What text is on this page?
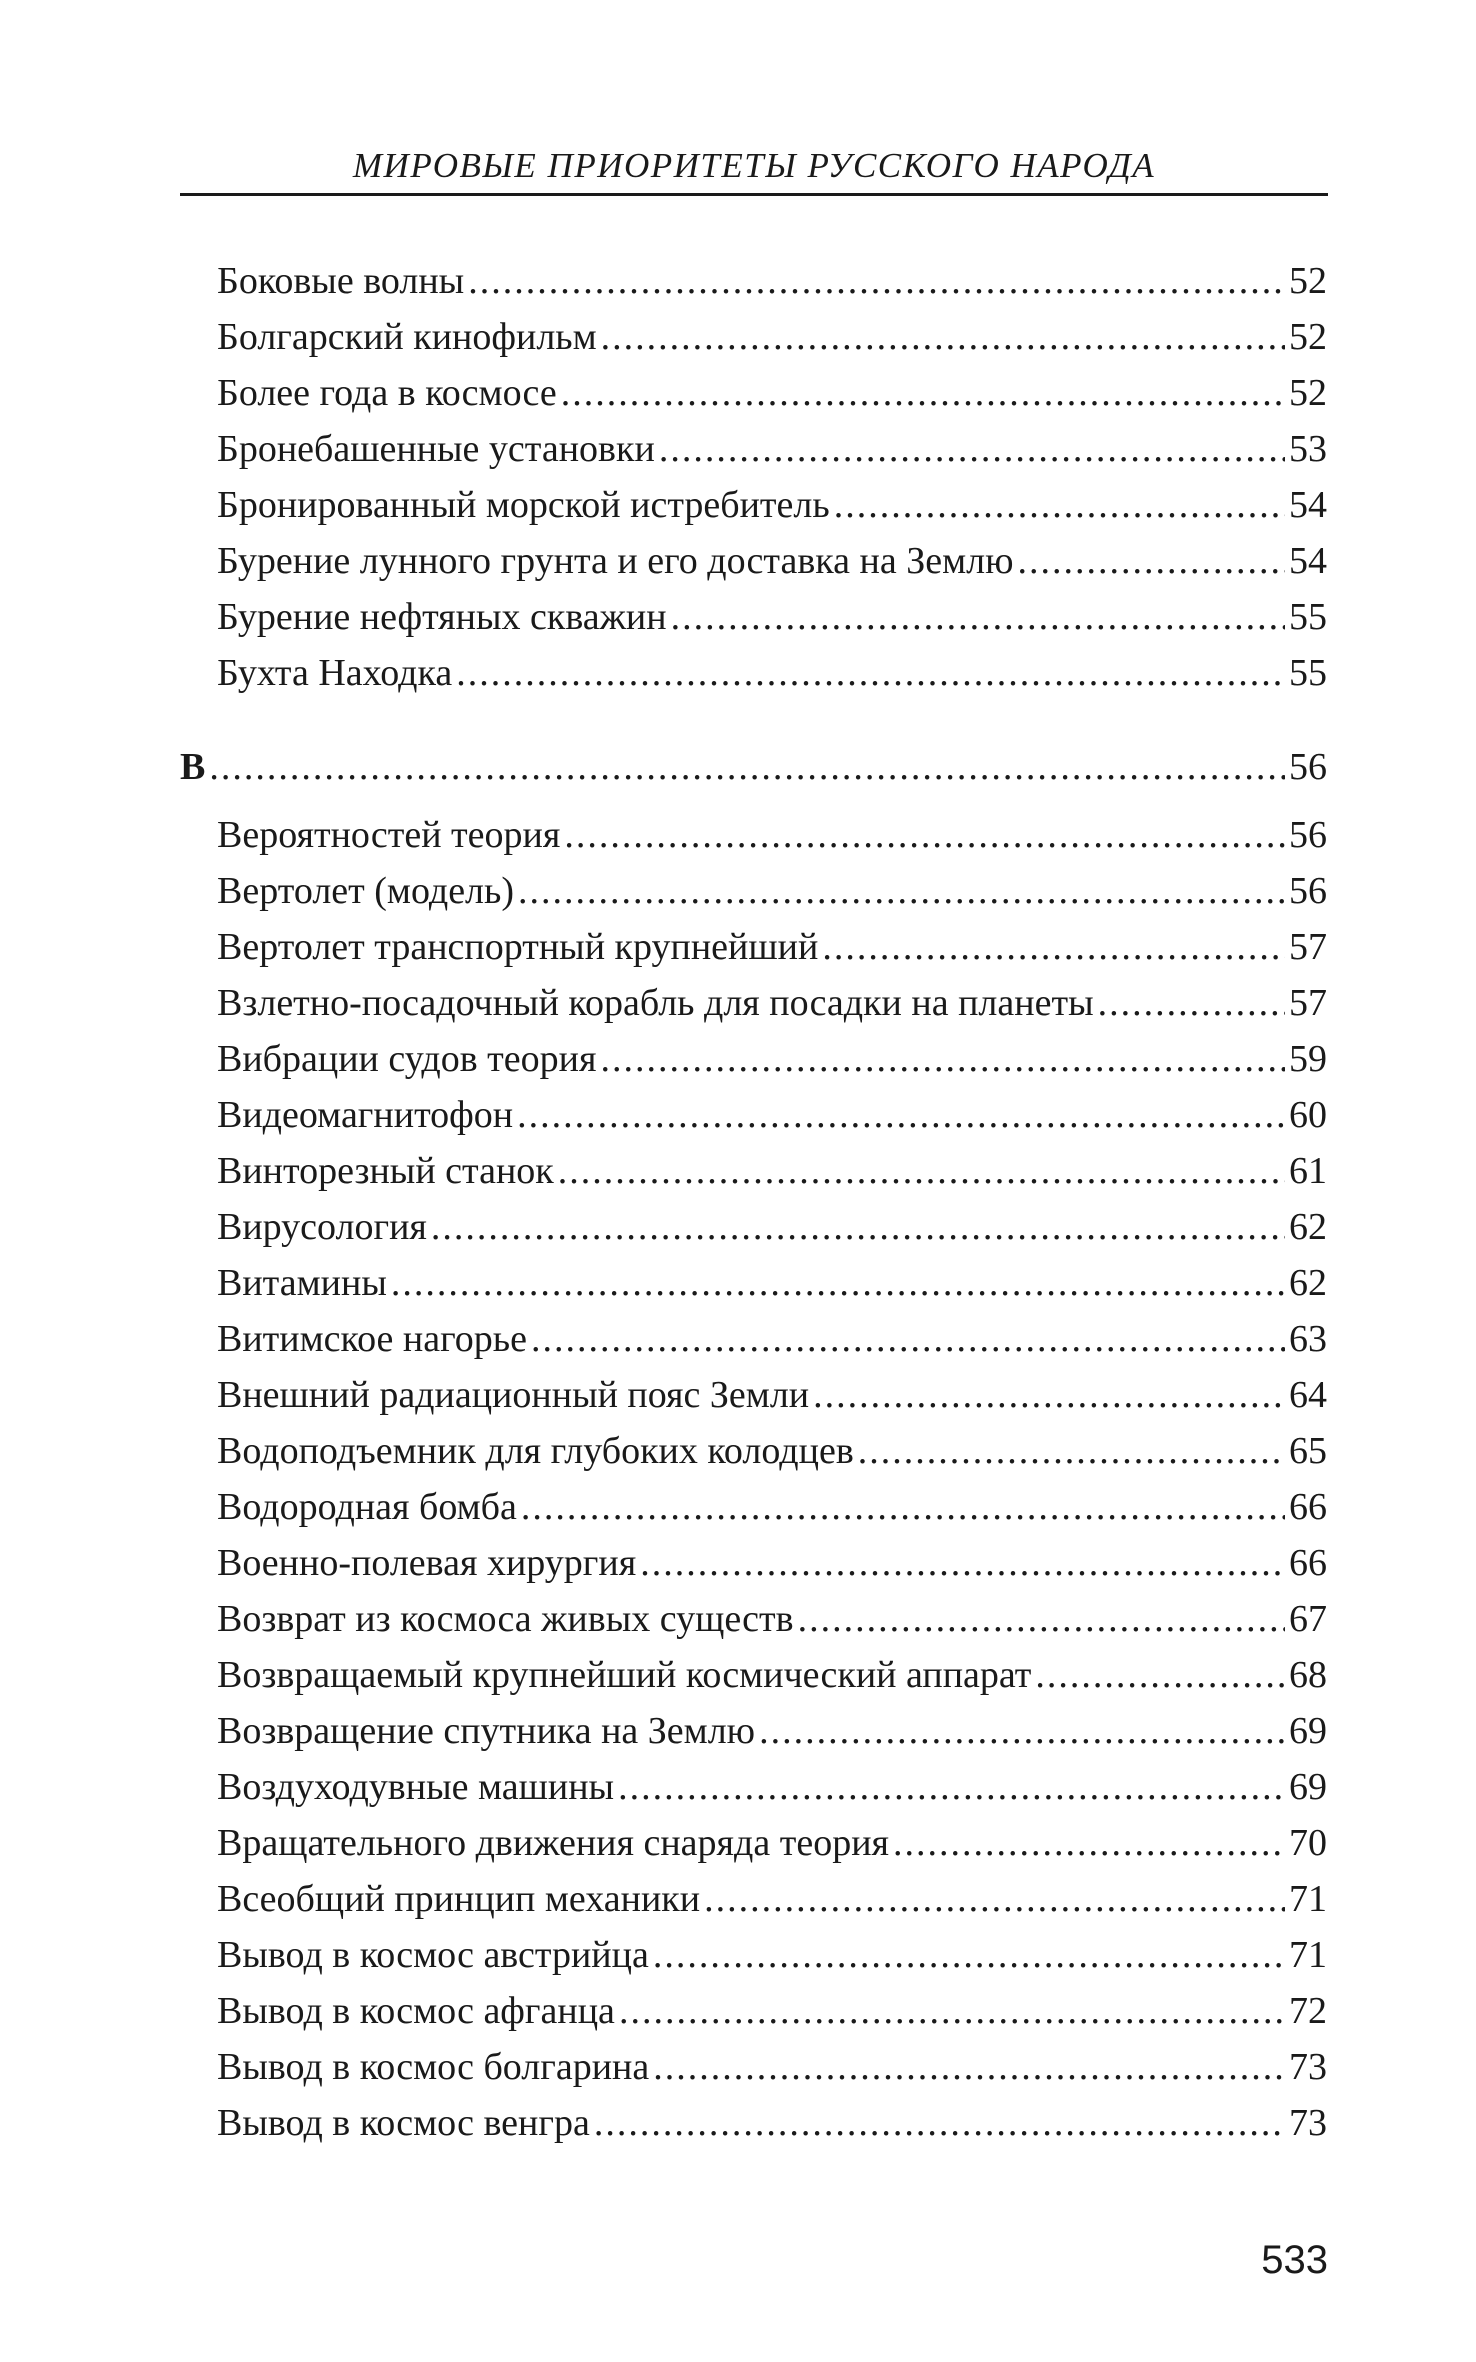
МИРОВЫЕ ПРИОРИТЕТЫ РУССКОГО НАРОДА
Боковые волны .....	52
Болгарский кинофильм .....	52
Более года в космосе .....	52
Бронебашенные установки .....	53
Бронированный морской истребитель .....	54
Бурение лунного грунта и его доставка на Землю .....	54
Бурение нефтяных скважин .....	55
Бухта Находка .....	55
В .....	56
Вероятностей теория .....	56
Вертолет (модель) .....	56
Вертолет транспортный крупнейший .....	57
Взлетно-посадочный корабль для посадки на планеты .....	57
Вибрации судов теория .....	59
Видеомагнитофон .....	60
Винторезный станок .....	61
Вирусология .....	62
Витамины .....	62
Витимское нагорье .....	63
Внешний радиационный пояс Земли .....	64
Водоподъемник для глубоких колодцев .....	65
Водородная бомба .....	66
Военно-полевая хирургия .....	66
Возврат из космоса живых существ .....	67
Возвращаемый крупнейший космический аппарат .....	68
Возвращение спутника на Землю .....	69
Воздуходувные машины .....	69
Вращательного движения снаряда теория .....	70
Всеобщий принцип механики .....	71
Вывод в космос австрийца .....	71
Вывод в космос афганца .....	72
Вывод в космос болгарина .....	73
Вывод в космос венгра .....	73
533
